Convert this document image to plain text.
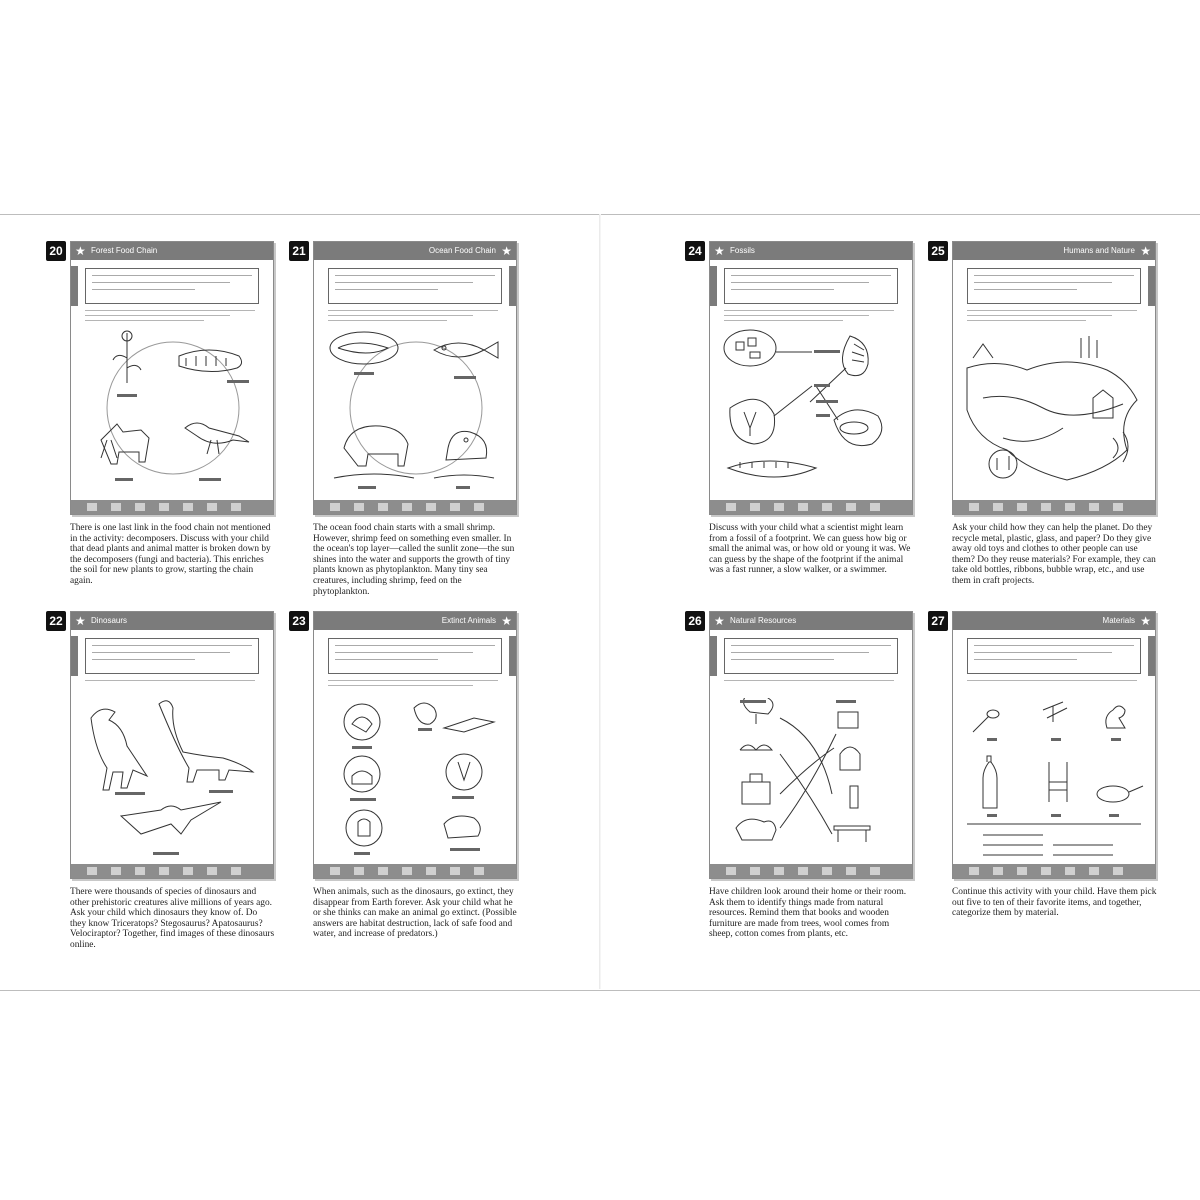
20 ★ Forest Food Chain

There is one last link in the food chain not mentioned in the activity: decomposers. Discuss with your child that dead plants and animal matter is broken down by the decomposers (fungi and bacteria). This enriches the soil for new plants to grow, starting the chain again.

21	Ocean Food Chain ★

The ocean food chain starts with a small shrimp. However, shrimp feed on something even smaller. In the ocean's top layer—called the sunlit zone—the sun shines into the water and supports the growth of tiny plants known as phytoplankton. Many tiny sea creatures, including shrimp, feed on the phytoplankton.

24 ★ Fossils

Discuss with your child what a scientist might learn from a fossil of a footprint. We can guess how big or small the animal was, or how old or young it was. We can guess by the shape of the footprint if the animal was a fast runner, a slow walker, or a swimmer.

25	Humans and Nature ★

Ask your child how they can help the planet. Do they recycle metal, plastic, glass, and paper? Do they give away old toys and clothes to other people can use them? Do they reuse materials? For example, they can take old bottles, ribbons, bubble wrap, etc., and use them in craft projects.

22 ★ Dinosaurs

There were thousands of species of dinosaurs and other prehistoric creatures alive millions of years ago. Ask your child which dinosaurs they know of. Do they know Triceratops? Stegosaurus? Apatosaurus? Velociraptor? Together, find images of these dinosaurs online.

23	Extinct Animals ★

When animals, such as the dinosaurs, go extinct, they disappear from Earth forever. Ask your child what he or she thinks can make an animal go extinct. (Possible answers are habitat destruction, lack of safe food and water, and increase of predators.)

26 ★ Natural Resources

Have children look around their home or their room. Ask them to identify things made from natural resources. Remind them that books and wooden furniture are made from trees, wool comes from sheep, cotton comes from plants, etc.

27	Materials ★

Continue this activity with your child. Have them pick out five to ten of their favorite items, and together, categorize them by material.
